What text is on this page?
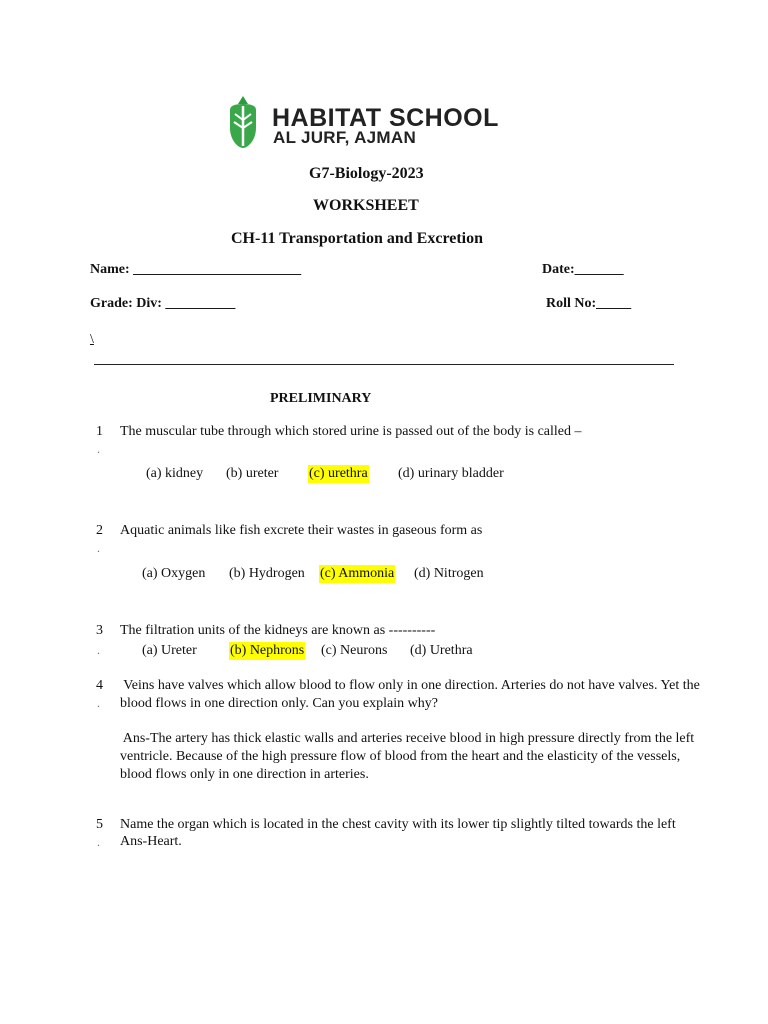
HABITAT SCHOOL
AL JURF, AJMAN
G7-Biology-2023
WORKSHEET
CH-11 Transportation and Excretion
Name: ________________________	Date:_______
Grade: Div: __________	Roll No:_____
\
PRELIMINARY
1
.
The muscular tube through which stored urine is passed out of the body is called –
(a) kidney (b) ureter (c) urethra (d) urinary bladder
2
.
Aquatic animals like fish excrete their wastes in gaseous form as
(a) Oxygen (b) Hydrogen (c) Ammonia (d) Nitrogen
3
.
The filtration units of the kidneys are known as ----------
(a) Ureter (b) Nephrons (c) Neurons (d) Urethra
4
.
Veins have valves which allow blood to flow only in one direction. Arteries do not have valves. Yet the
blood flows in one direction only. Can you explain why?
Ans-The artery has thick elastic walls and arteries receive blood in high pressure directly from the left
ventricle. Because of the high pressure flow of blood from the heart and the elasticity of the vessels,
blood flows only in one direction in arteries.
5
.
Name the organ which is located in the chest cavity with its lower tip slightly tilted towards the left
Ans-Heart.
